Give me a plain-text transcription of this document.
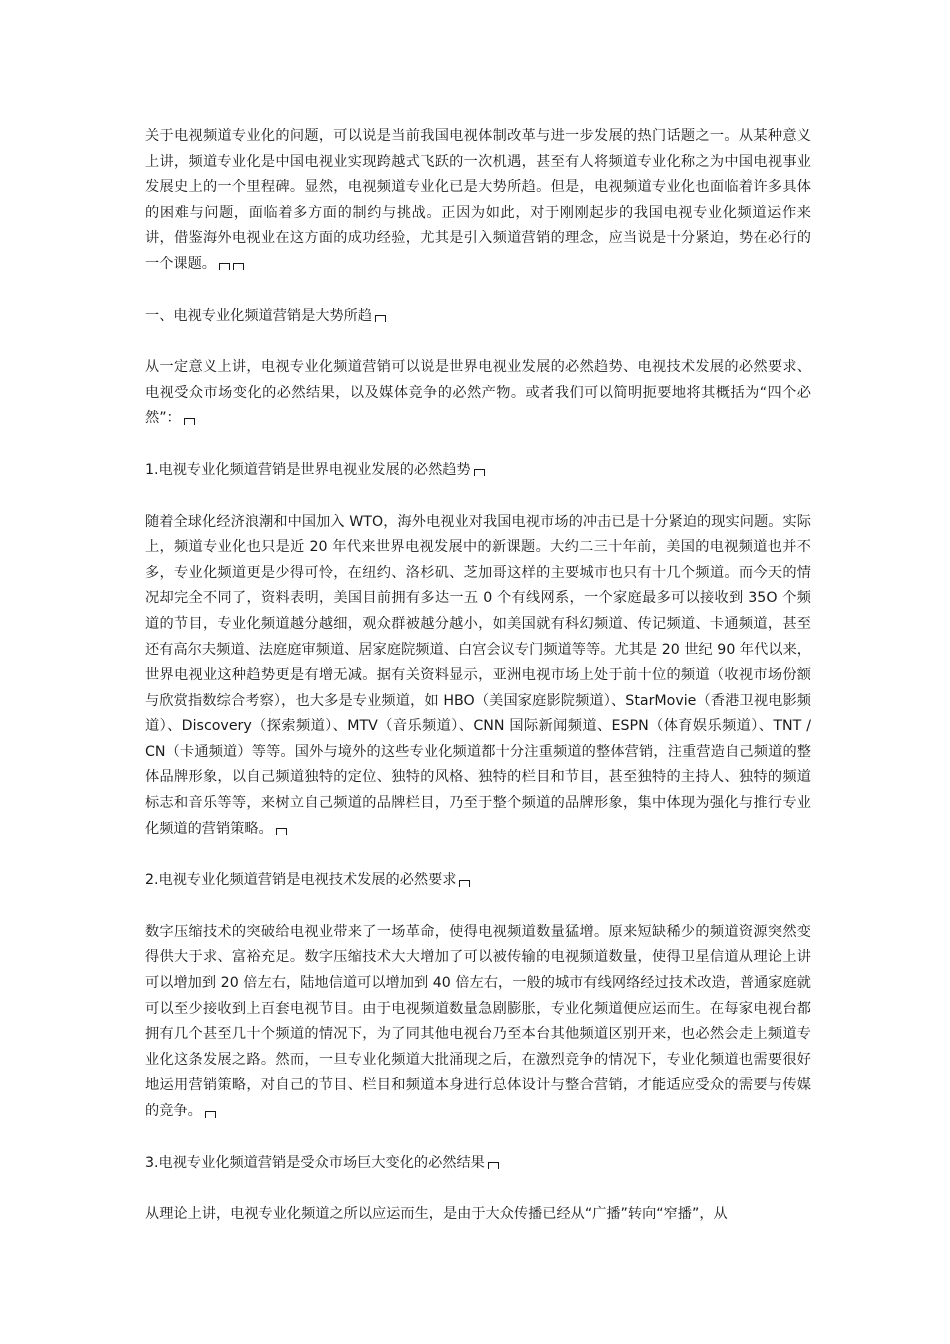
关于电视频道专业化的问题，可以说是当前我国电视体制改革与进一步发展的热门话题之一。从某种意义上讲，频道专业化是中国电视业实现跨越式飞跃的一次机遇，甚至有人将频道专业化称之为中国电视事业发展史上的一个里程碑。显然，电视频道专业化已是大势所趋。但是，电视频道专业化也面临着许多具体的困难与问题，面临着多方面的制约与挑战。正因为如此，对于刚刚起步的我国电视专业化频道运作来讲，借鉴海外电视业在这方面的成功经验，尤其是引入频道营销的理念，应当说是十分紧迫，势在必行的一个课题。

一、电视专业化频道营销是大势所趋

从一定意义上讲，电视专业化频道营销可以说是世界电视业发展的必然趋势、电视技术发展的必然要求、电视受众市场变化的必然结果，以及媒体竞争的必然产物。或者我们可以简明扼要地将其概括为“四个必然”：

1.电视专业化频道营销是世界电视业发展的必然趋势

随着全球化经济浪潮和中国加入 WTO，海外电视业对我国电视市场的冲击已是十分紧迫的现实问题。实际上，频道专业化也只是近 20 年代来世界电视发展中的新课题。大约二三十年前，美国的电视频道也并不多，专业化频道更是少得可怜，在纽约、洛杉矶、芝加哥这样的主要城市也只有十几个频道。而今天的情况却完全不同了，资料表明，美国目前拥有多达一五 0 个有线网系，一个家庭最多可以接收到 35O 个频道的节目，专业化频道越分越细，观众群被越分越小，如美国就有科幻频道、传记频道、卡通频道，甚至还有高尔夫频道、法庭庭审频道、居家庭院频道、白宫会议专门频道等等。尤其是 20 世纪 90 年代以来，世界电视业这种趋势更是有增无减。据有关资料显示，亚洲电视市场上处于前十位的频道（收视市场份额与欣赏指数综合考察），也大多是专业频道，如 HBO（美国家庭影院频道）、StarMovie（香港卫视电影频道）、Discovery（探索频道）、MTV（音乐频道）、CNN 国际新闻频道、ESPN（体育娱乐频道）、TNT / CN（卡通频道）等等。国外与境外的这些专业化频道都十分注重频道的整体营销，注重营造自己频道的整体品牌形象，以自己频道独特的定位、独特的风格、独特的栏目和节目，甚至独特的主持人、独特的频道标志和音乐等等，来树立自己频道的品牌栏目，乃至于整个频道的品牌形象，集中体现为强化与推行专业化频道的营销策略。

2.电视专业化频道营销是电视技术发展的必然要求

数字压缩技术的突破给电视业带来了一场革命，使得电视频道数量猛增。原来短缺稀少的频道资源突然变得供大于求、富裕充足。数字压缩技术大大增加了可以被传输的电视频道数量，使得卫星信道从理论上讲可以增加到 20 倍左右，陆地信道可以增加到 40 倍左右，一般的城市有线网络经过技术改造，普通家庭就可以至少接收到上百套电视节目。由于电视频道数量急剧膨胀，专业化频道便应运而生。在每家电视台都拥有几个甚至几十个频道的情况下，为了同其他电视台乃至本台其他频道区别开来，也必然会走上频道专业化这条发展之路。然而，一旦专业化频道大批涌现之后，在激烈竞争的情况下，专业化频道也需要很好地运用营销策略，对自己的节目、栏目和频道本身进行总体设计与整合营销，才能适应受众的需要与传媒的竞争。

3.电视专业化频道营销是受众市场巨大变化的必然结果

从理论上讲，电视专业化频道之所以应运而生，是由于大众传播已经从“广播”转向“窄播”，从
